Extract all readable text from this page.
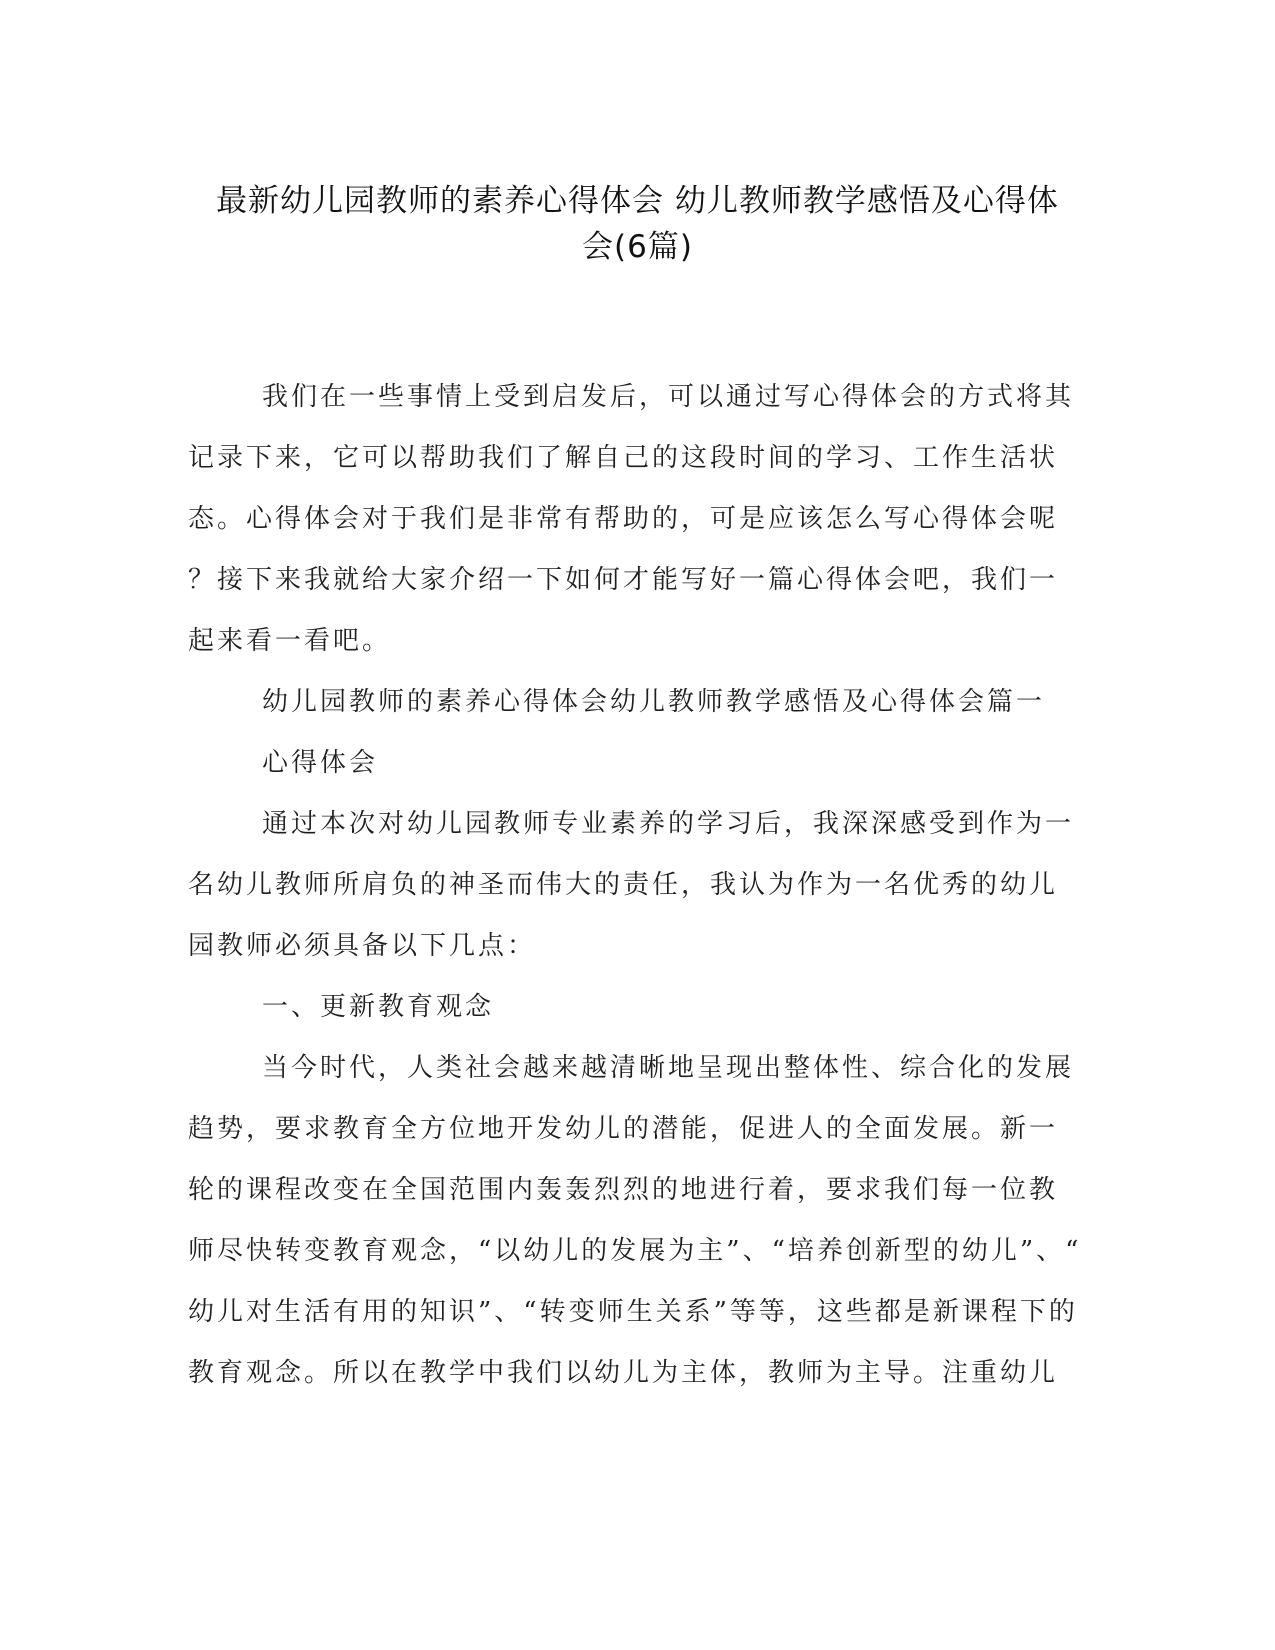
最新幼儿园教师的素养心得体会 幼儿教师教学感悟及心得体
会(6篇)
我们在一些事情上受到启发后，可以通过写心得体会的方式将其
记录下来，它可以帮助我们了解自己的这段时间的学习、工作生活状
态。心得体会对于我们是非常有帮助的，可是应该怎么写心得体会呢
？接下来我就给大家介绍一下如何才能写好一篇心得体会吧，我们一
起来看一看吧。
幼儿园教师的素养心得体会幼儿教师教学感悟及心得体会篇一
心得体会
通过本次对幼儿园教师专业素养的学习后，我深深感受到作为一
名幼儿教师所肩负的神圣而伟大的责任，我认为作为一名优秀的幼儿
园教师必须具备以下几点：
一、更新教育观念
当今时代，人类社会越来越清晰地呈现出整体性、综合化的发展
趋势，要求教育全方位地开发幼儿的潜能，促进人的全面发展。新一
轮的课程改变在全国范围内轰轰烈烈的地进行着，要求我们每一位教
师尽快转变教育观念，“以幼儿的发展为主”、“培养创新型的幼儿”、“
幼儿对生活有用的知识”、“转变师生关系”等等，这些都是新课程下的
教育观念。所以在教学中我们以幼儿为主体，教师为主导。注重幼儿
